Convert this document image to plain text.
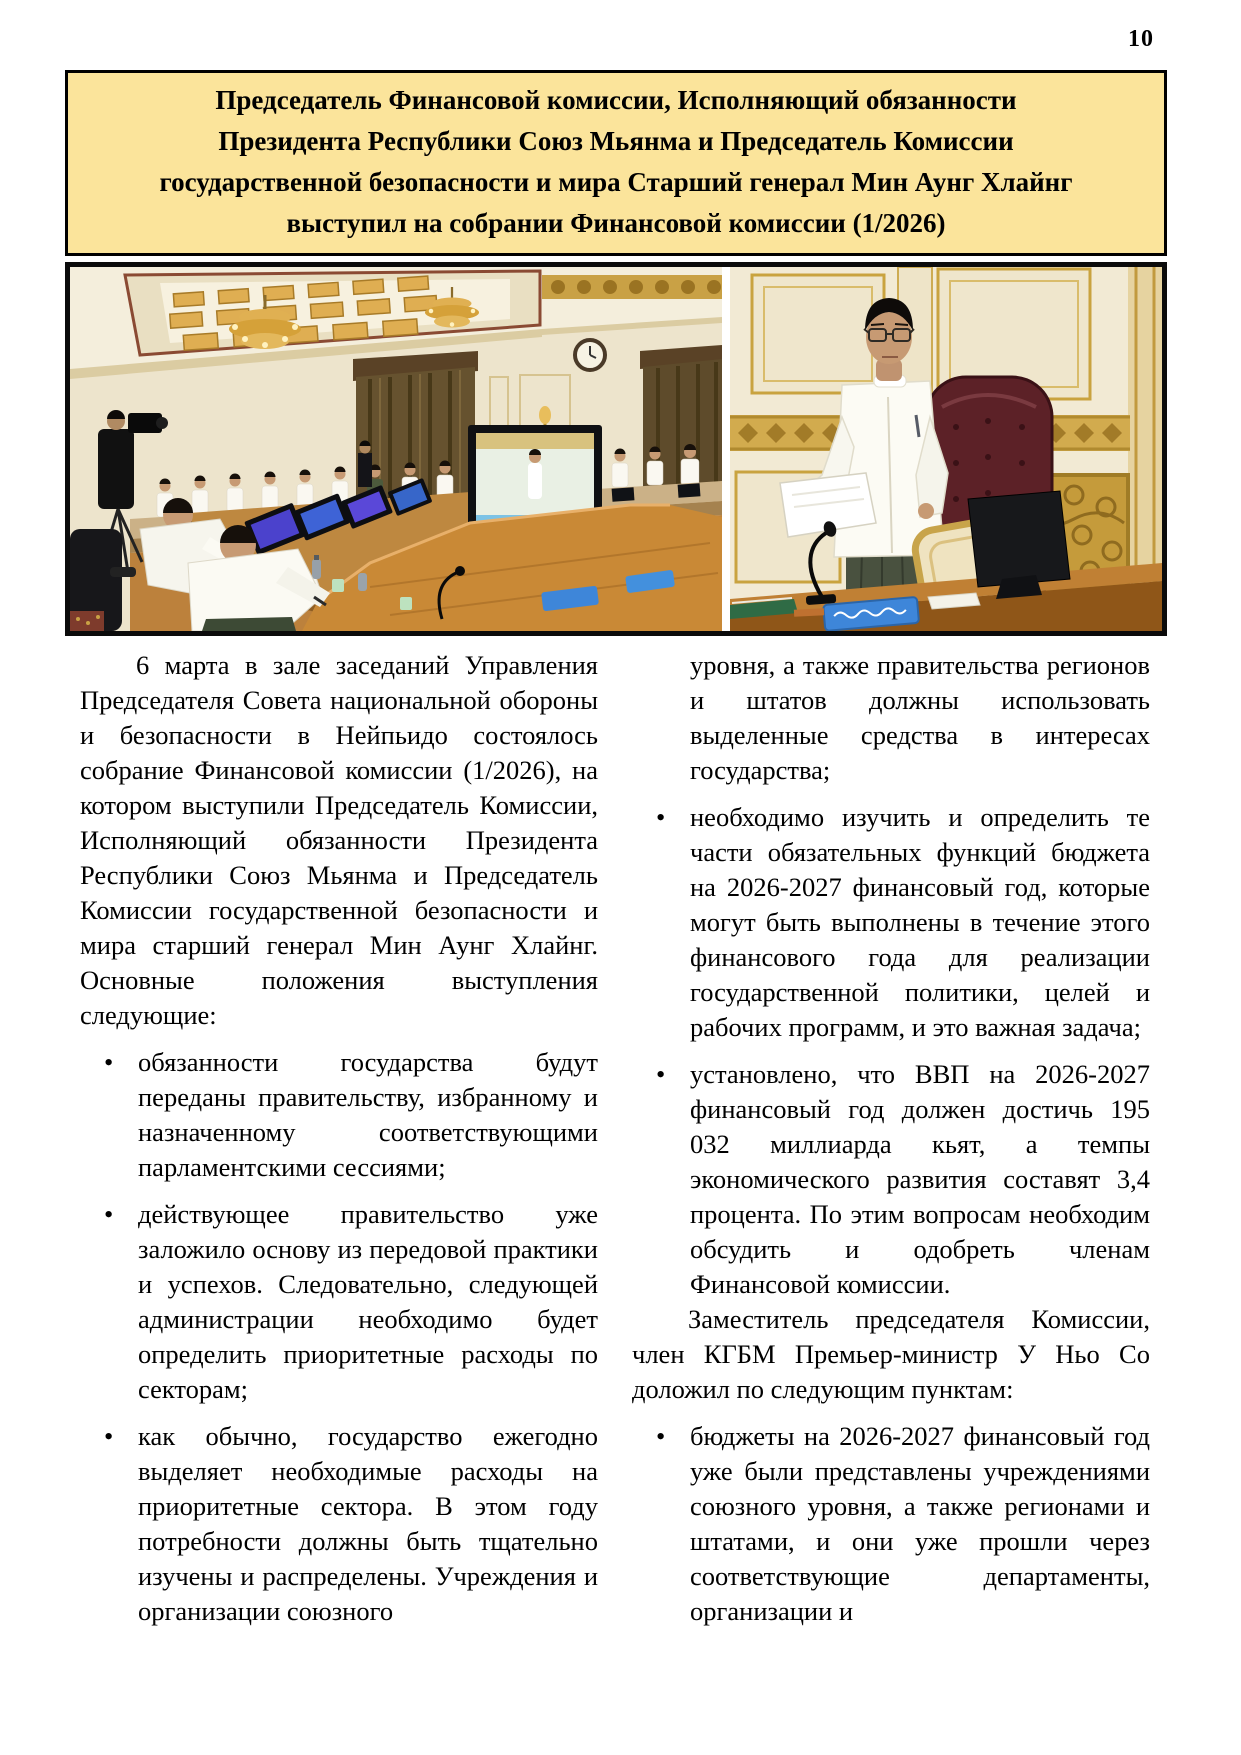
10
Председатель Финансовой комиссии, Исполняющий обязанности
Президента Республики Союз Мьянма и Председатель Комиссии
государственной безопасности и мира Старший генерал Мин Аунг Хлайнг
выступил на собрании Финансовой комиссии (1/2026)

6 марта в зале заседаний Управления Председателя Совета национальной обороны и безопасности в Нейпьидо состоялось собрание Финансовой комиссии (1/2026), на котором выступили Председатель Комиссии, Исполняющий обязанности Президента Республики Союз Мьянма и Председатель Комиссии государственной безопасности и мира старший генерал Мин Аунг Хлайнг. Основные положения выступления следующие:

• обязанности государства будут переданы правительству, избранному и назначенному соответствующими парламентскими сессиями;
• действующее правительство уже заложило основу из передовой практики и успехов. Следовательно, следующей администрации необходимо будет определить приоритетные расходы по секторам;
• как обычно, государство ежегодно выделяет необходимые расходы на приоритетные сектора. В этом году потребности должны быть тщательно изучены и распределены. Учреждения и организации союзного
уровня, а также правительства регионов и штатов должны использовать выделенные средства в интересах государства;
• необходимо изучить и определить те части обязательных функций бюджета на 2026-2027 финансовый год, которые могут быть выполнены в течение этого финансового года для реализации государственной политики, целей и рабочих программ, и это важная задача;
• установлено, что ВВП на 2026-2027 финансовый год должен достичь 195 032 миллиарда кьят, а темпы экономического развития составят 3,4 процента. По этим вопросам необходим обсудить и одобреть членам Финансовой комиссии.

Заместитель председателя Комиссии, член КГБМ Премьер-министр У Ньо Со доложил по следующим пунктам:

• бюджеты на 2026-2027 финансовый год уже были представлены учреждениями союзного уровня, а также регионами и штатами, и они уже прошли через соответствующие департаменты, организации и
